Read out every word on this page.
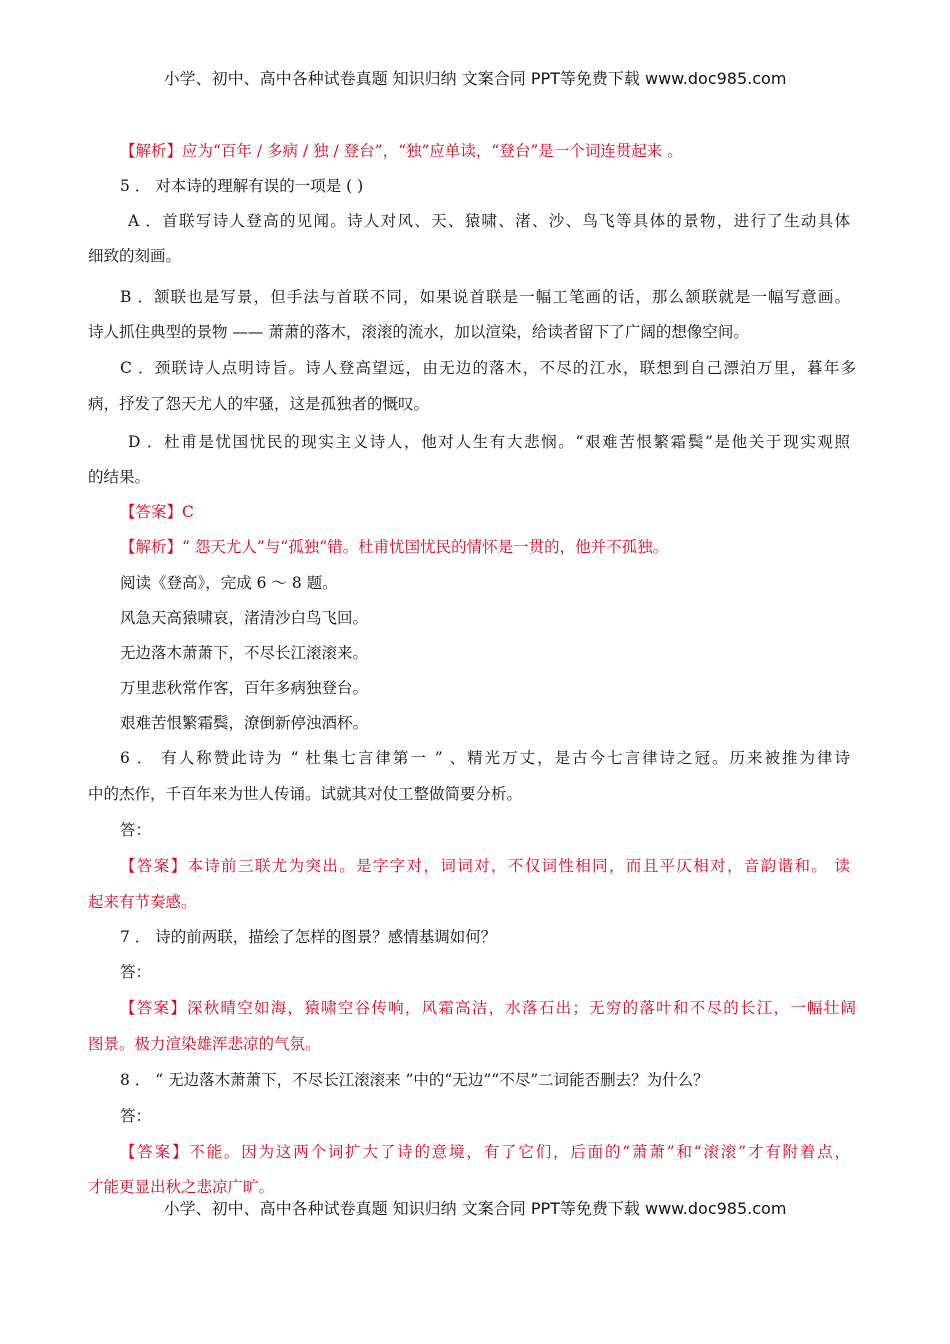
小学、初中、高中各种试卷真题 知识归纳 文案合同 PPT等免费下载 www.doc985.com
【解析】应为“百年 / 多病 / 独 / 登台”，“独”应单读，“登台”是一个词连贯起来 。
5 ． 对本诗的理解有误的一项是 ( )
A ．首联写诗人登高的见闻。诗人对风、天、猿啸、渚、沙、鸟飞等具体的景物，进行了生动具体
细致的刻画。
B ．颔联也是写景，但手法与首联不同，如果说首联是一幅工笔画的话，那么颔联就是一幅写意画。
诗人抓住典型的景物 —— 萧萧的落木，滚滚的流水，加以渲染，给读者留下了广阔的想像空间。
C ．颈联诗人点明诗旨。诗人登高望远，由无边的落木，不尽的江水，联想到自己漂泊万里，暮年多
病，抒发了怨天尤人的牢骚，这是孤独者的慨叹。
D ．杜甫是忧国忧民的现实主义诗人，他对人生有大悲悯。“艰难苦恨繁霜鬓”是他关于现实观照
的结果。
【答案】C
【解析】“ 怨天尤人”与“孤独”错。杜甫忧国忧民的情怀是一贯的，他并不孤独。
阅读《登高》，完成 6 ～ 8 题。
风急天高猿啸哀，渚清沙白鸟飞回。
无边落木萧萧下，不尽长江滚滚来。
万里悲秋常作客，百年多病独登台。
艰难苦恨繁霜鬓，潦倒新停浊酒杯。
6 ． 有人称赞此诗为 “ 杜集七言律第一 ” 、精光万丈，是古今七言律诗之冠。历来被推为律诗
中的杰作，千百年来为世人传诵。试就其对仗工整做简要分析。
答：
【答案】本诗前三联尤为突出。是字字对，词词对，不仅词性相同，而且平仄相对，音韵谐和。 读
起来有节奏感。
7 ． 诗的前两联，描绘了怎样的图景？感情基调如何？
答：
【答案】深秋晴空如海，猿啸空谷传响，风霜高洁，水落石出；无穷的落叶和不尽的长江，一幅壮阔
图景。极力渲染雄浑悲凉的气氛。
8 ． “ 无边落木萧萧下，不尽长江滚滚来 ”中的“无边”“不尽”二词能否删去？为什么？
答：
【答案】不能。因为这两个词扩大了诗的意境，有了它们，后面的“萧萧”和“滚滚”才有附着点，
才能更显出秋之悲凉广旷。
小学、初中、高中各种试卷真题 知识归纳 文案合同 PPT等免费下载 www.doc985.com
